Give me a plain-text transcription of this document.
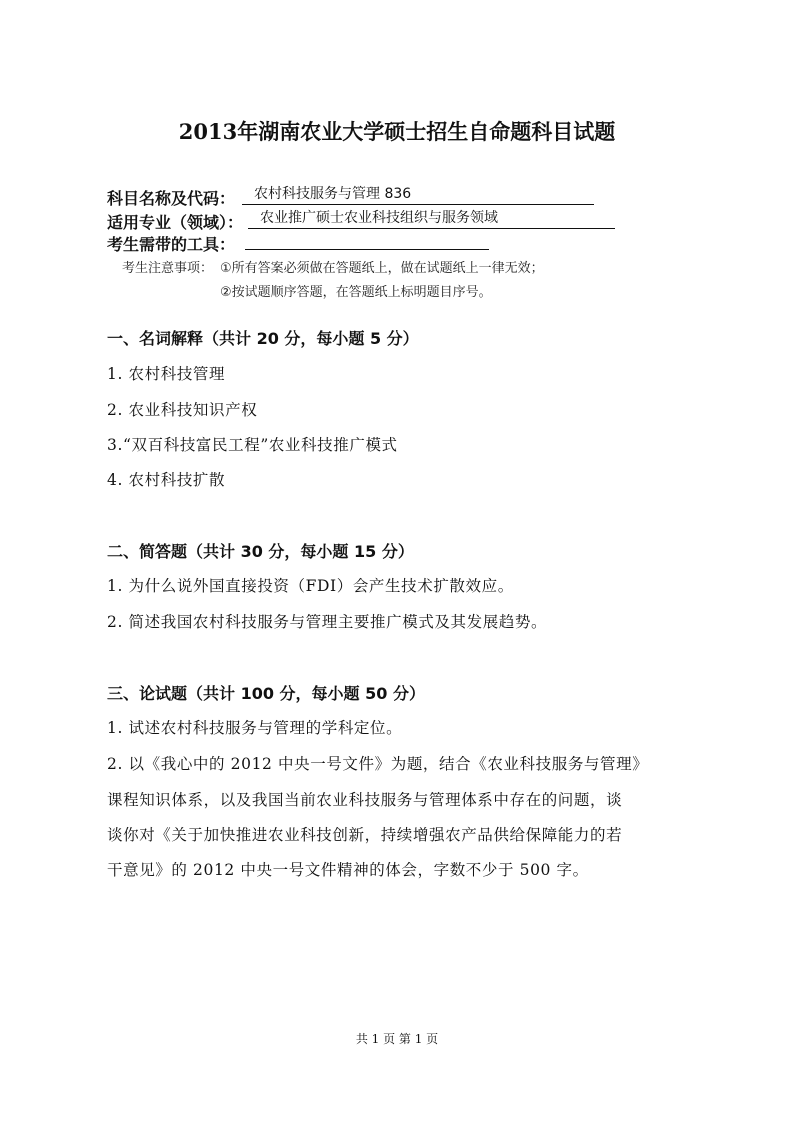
2013年湖南农业大学硕士招生自命题科目试题
科目名称及代码：	农村科技服务与管理 836
适用专业（领域）：	农业推广硕士农业科技组织与服务领域
考生需带的工具：
考生注意事项： ①所有答案必须做在答题纸上，做在试题纸上一律无效；
②按试题顺序答题，在答题纸上标明题目序号。
一、名词解释（共计 20 分，每小题 5 分）
1. 农村科技管理
2. 农业科技知识产权
3.“双百科技富民工程”农业科技推广模式
4. 农村科技扩散
二、简答题（共计 30 分，每小题 15 分）
1. 为什么说外国直接投资（FDI）会产生技术扩散效应。
2. 简述我国农村科技服务与管理主要推广模式及其发展趋势。
三、论试题（共计 100 分，每小题 50 分）
1. 试述农村科技服务与管理的学科定位。
2. 以《我心中的 2012 中央一号文件》为题，结合《农业科技服务与管理》
课程知识体系，以及我国当前农业科技服务与管理体系中存在的问题，谈
谈你对《关于加快推进农业科技创新，持续增强农产品供给保障能力的若
干意见》的 2012 中央一号文件精神的体会，字数不少于 500 字。
共 1 页 第 1 页
